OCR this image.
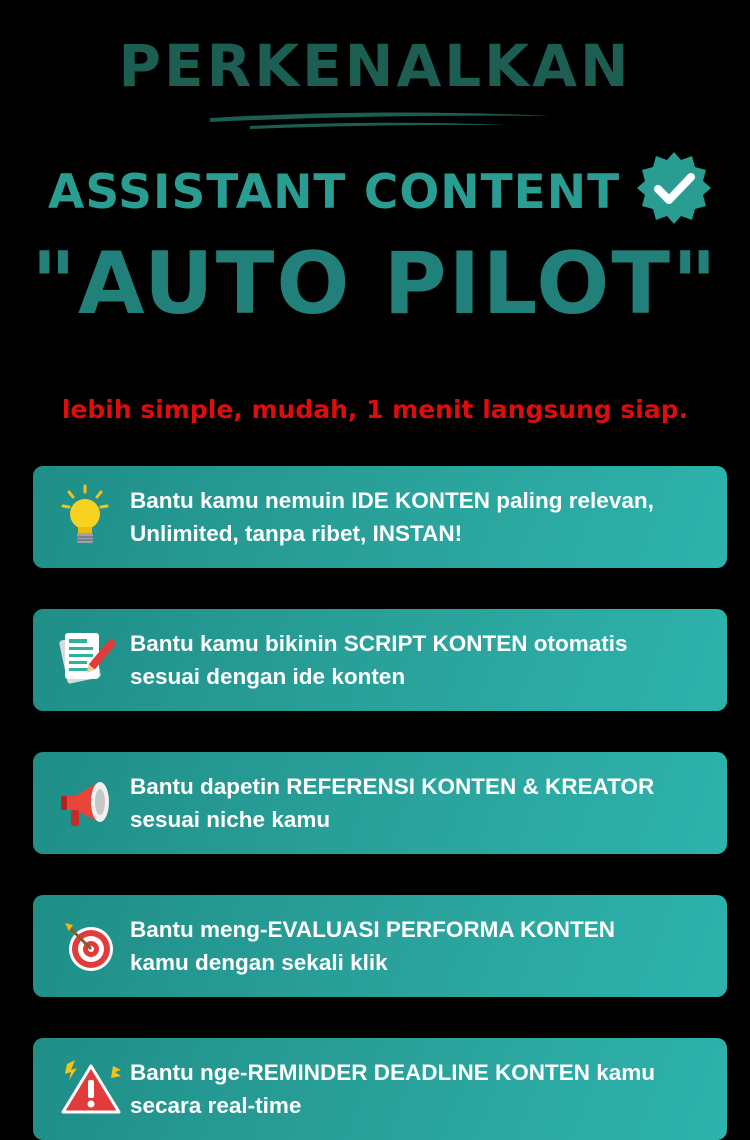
PERKENALKAN
ASSISTANT CONTENT
"AUTO PILOT"
lebih simple, mudah, 1 menit langsung siap.
Bantu kamu nemuin IDE KONTEN paling relevan,
Unlimited, tanpa ribet, INSTAN!
Bantu kamu bikinin SCRIPT KONTEN otomatis
sesuai dengan ide konten
Bantu dapetin REFERENSI KONTEN & KREATOR
sesuai niche kamu
Bantu meng-EVALUASI PERFORMA KONTEN
kamu dengan sekali klik
Bantu nge-REMINDER DEADLINE KONTEN kamu
secara real-time
